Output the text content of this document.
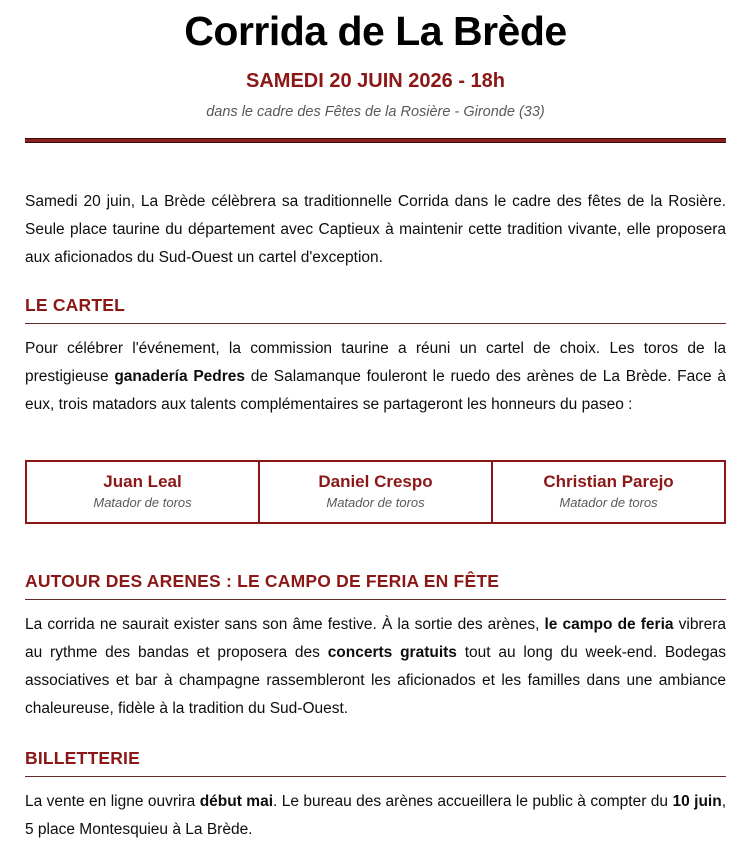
Corrida de La Brède
SAMEDI 20 JUIN 2026 - 18h
dans le cadre des Fêtes de la Rosière - Gironde (33)

Samedi 20 juin, La Brède célèbrera sa traditionnelle Corrida dans le cadre des fêtes de la Rosière. Seule place taurine du département avec Captieux à maintenir cette tradition vivante, elle proposera aux aficionados du Sud-Ouest un cartel d'exception.

LE CARTEL

Pour célébrer l'événement, la commission taurine a réuni un cartel de choix. Les toros de la prestigieuse ganadería Pedres de Salamanque fouleront le ruedo des arènes de La Brède. Face à eux, trois matadors aux talents complémentaires se partageront les honneurs du paseo :

Juan Leal
Matador de toros

Daniel Crespo
Matador de toros

Christian Parejo
Matador de toros
AUTOUR DES ARENES : LE CAMPO DE FERIA EN FÊTE

La corrida ne saurait exister sans son âme festive. À la sortie des arènes, le campo de feria vibrera au rythme des bandas et proposera des concerts gratuits tout au long du week-end. Bodegas associatives et bar à champagne rassembleront les aficionados et les familles dans une ambiance chaleureuse, fidèle à la tradition du Sud-Ouest.

BILLETTERIE

La vente en ligne ouvrira début mai. Le bureau des arènes accueillera le public à compter du 10 juin, 5 place Montesquieu à La Brède.
